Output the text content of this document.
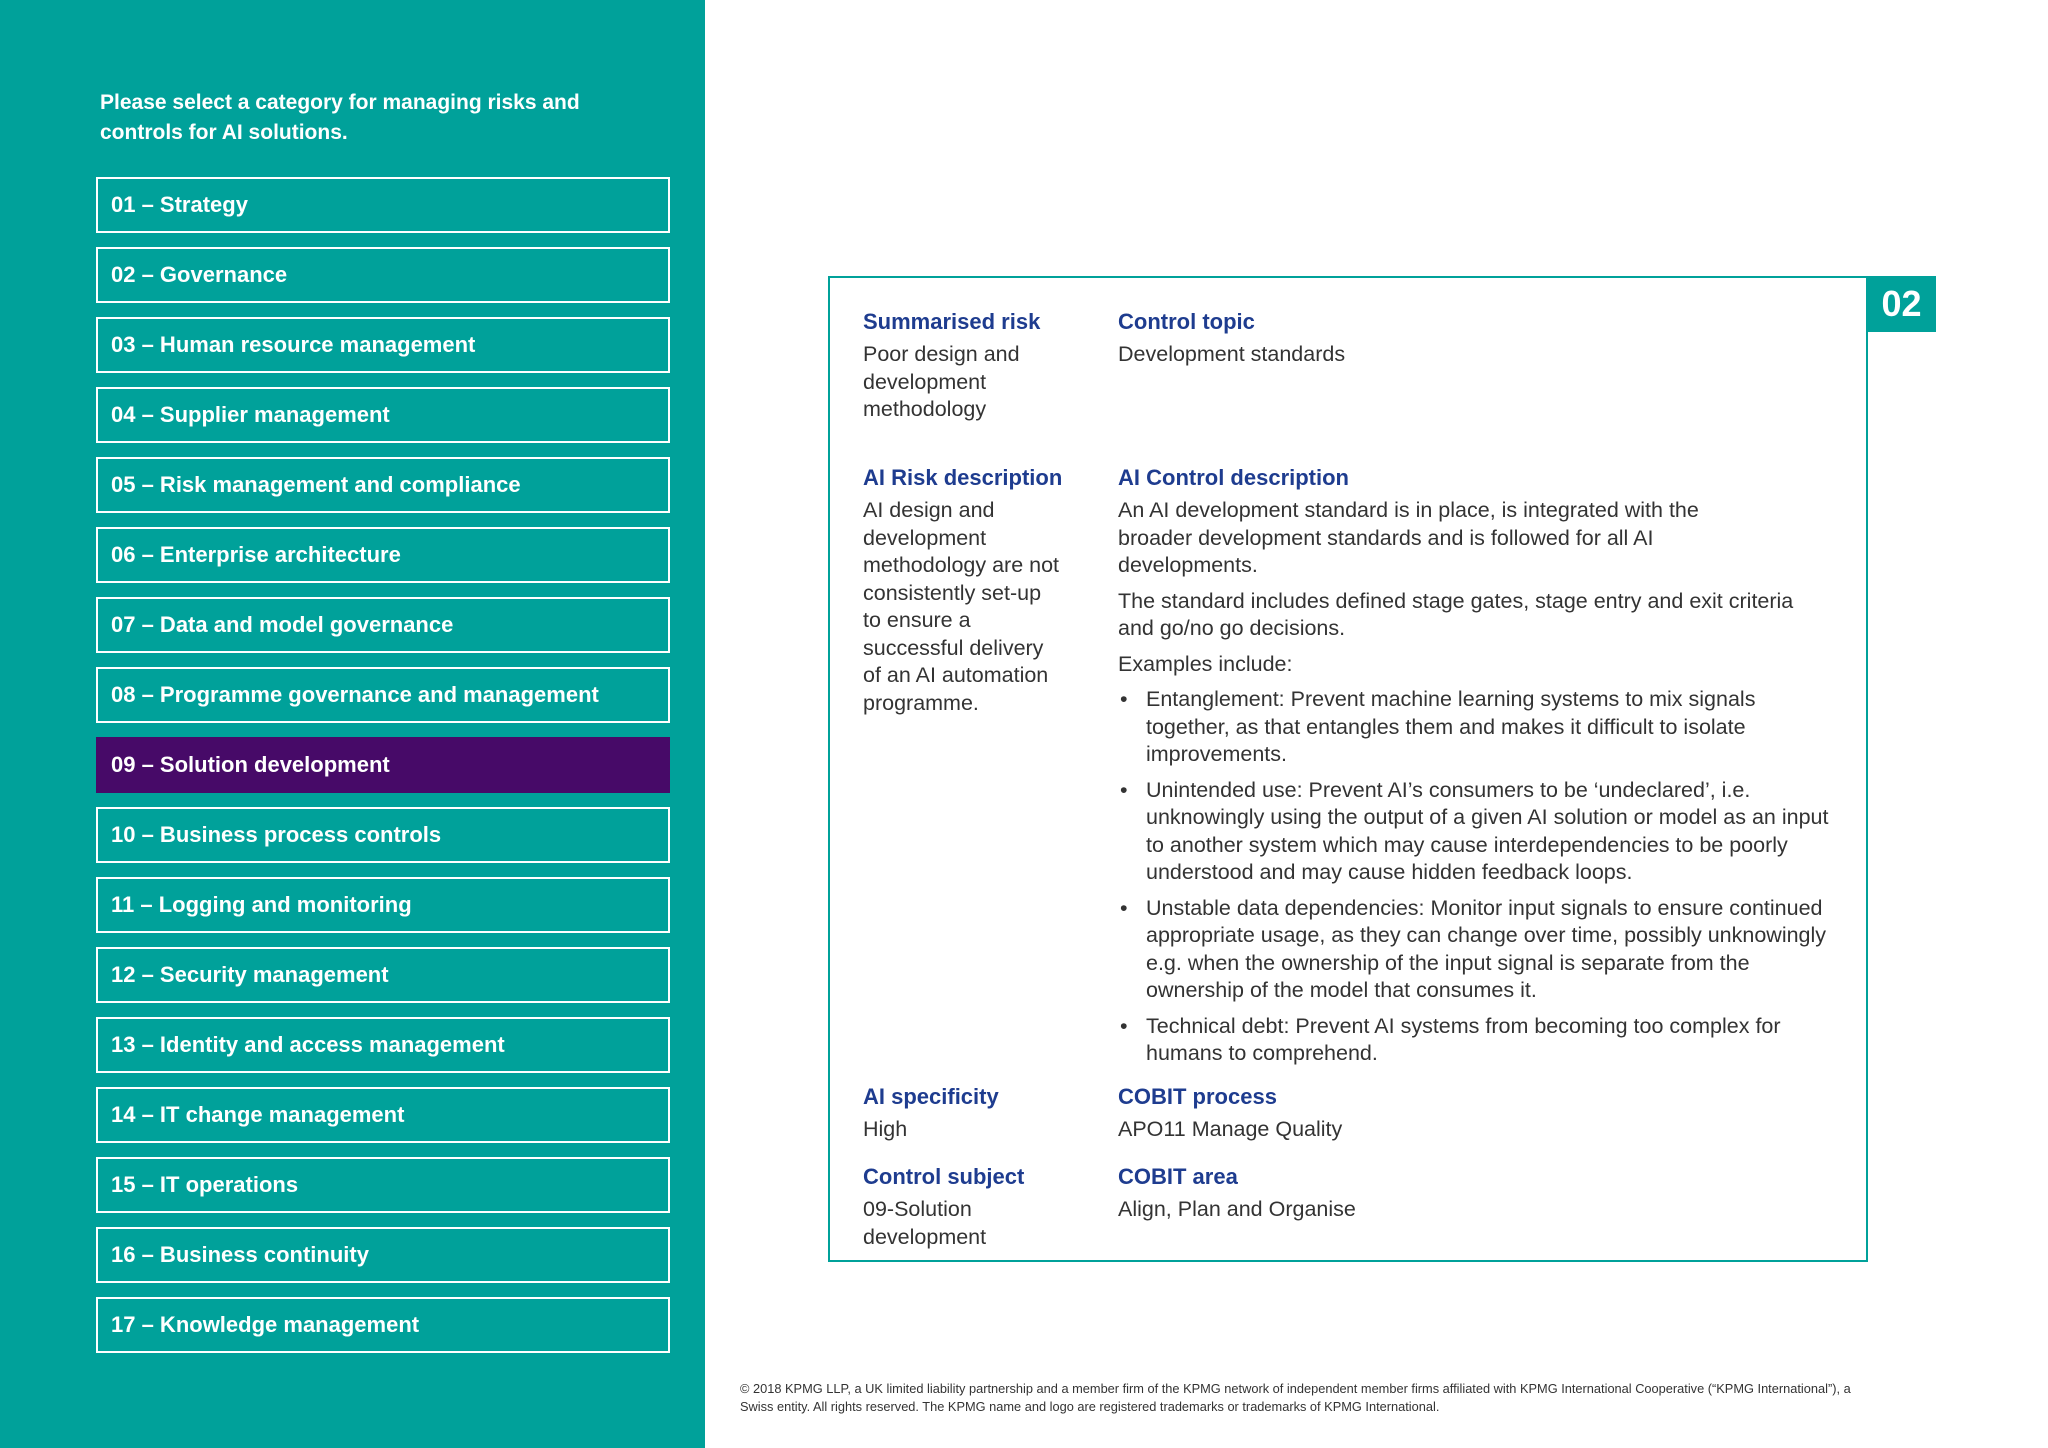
Please select a category for managing risks and controls for AI solutions.
01 – Strategy
02 – Governance
03 – Human resource management
04 – Supplier management
05 – Risk management and compliance
06 – Enterprise architecture
07 – Data and model governance
08 – Programme governance and management
09 – Solution development
10 – Business process controls
11 – Logging and monitoring
12 – Security management
13 – Identity and access management
14 – IT change management
15 – IT operations
16 – Business continuity
17 – Knowledge management
Summarised risk
Poor design and development methodology
Control topic
Development standards
AI Risk description
AI design and development methodology are not consistently set-up to ensure a successful delivery of an AI automation programme.
AI Control description

An AI development standard is in place, is integrated with the broader development standards and is followed for all AI developments.

The standard includes defined stage gates, stage entry and exit criteria and go/no go decisions.

Examples include:

• Entanglement: Prevent machine learning systems to mix signals together, as that entangles them and makes it difficult to isolate improvements.
• Unintended use: Prevent AI’s consumers to be ‘undeclared’, i.e. unknowingly using the output of a given AI solution or model as an input to another system which may cause interdependencies to be poorly understood and may cause hidden feedback loops.
• Unstable data dependencies: Monitor input signals to ensure continued appropriate usage, as they can change over time, possibly unknowingly e.g. when the ownership of the input signal is separate from the ownership of the model that consumes it.
• Technical debt: Prevent AI systems from becoming too complex for humans to comprehend.
AI specificity
High
COBIT process
APO11 Manage Quality
Control subject
09-Solution development
COBIT area
Align, Plan and Organise
02
© 2018 KPMG LLP, a UK limited liability partnership and a member firm of the KPMG network of independent member firms affiliated with KPMG International Cooperative (“KPMG International”), a Swiss entity. All rights reserved. The KPMG name and logo are registered trademarks or trademarks of KPMG International.
